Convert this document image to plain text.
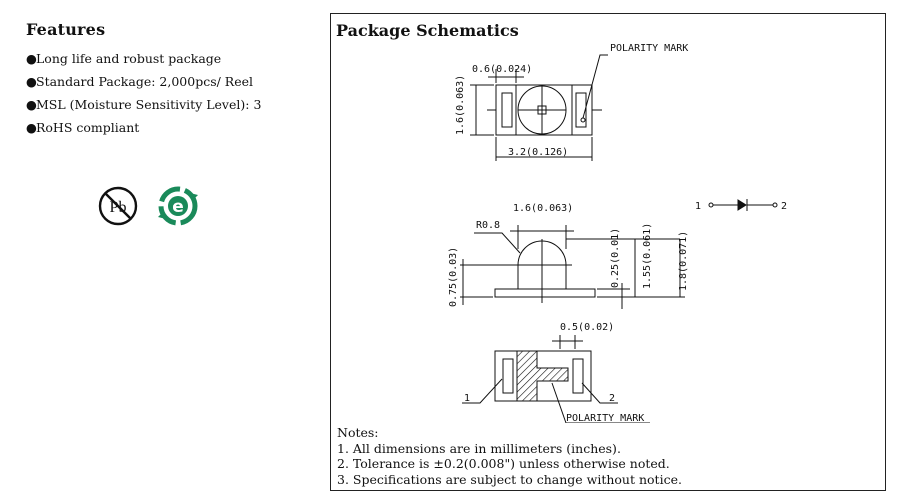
Features
●Long life and robust package
●Standard Package: 2,000pcs/ Reel
●MSL (Moisture Sensitivity Level): 3
●RoHS compliant
Pb	e
Package Schematics
POLARITY MARK
0.6(0.024)
1.6(0.063)
3.2(0.126)
1	2
1.6(0.063)
R0.8
0.75(0.03)	0.25(0.01) 1.55(0.061)	1.8(0.071)
0.5(0.02)
1	2
POLARITY MARK
Notes:
1. All dimensions are in millimeters (inches).
2. Tolerance is ±0.2(0.008") unless otherwise noted.
3. Specifications are subject to change without notice.
